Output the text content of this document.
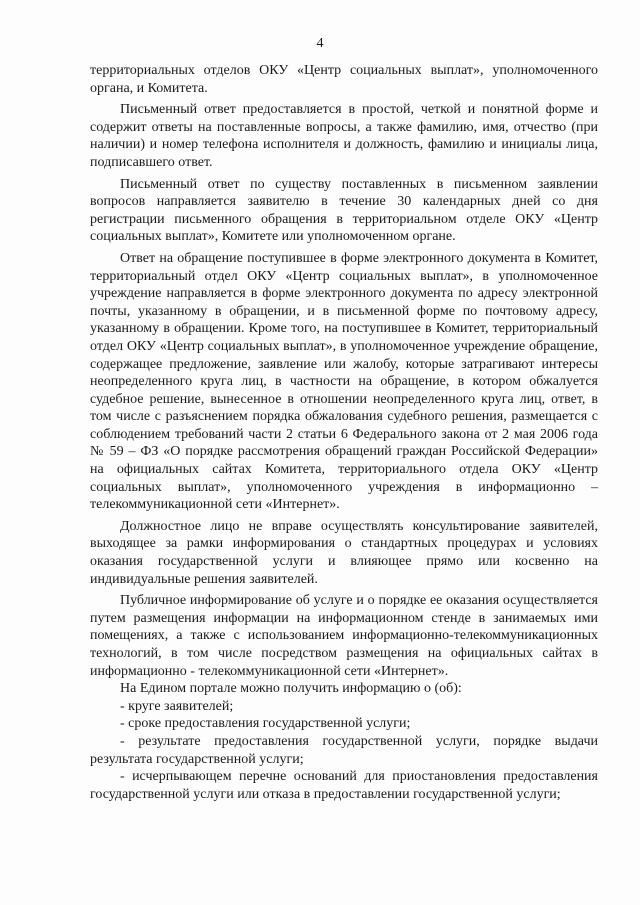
4

территориальных отделов ОКУ «Центр социальных выплат», уполномоченного органа, и Комитета.

Письменный ответ предоставляется в простой, четкой и понятной форме и содержит ответы на поставленные вопросы, а также фамилию, имя, отчество (при наличии) и номер телефона исполнителя и должность, фамилию и инициалы лица, подписавшего ответ.

Письменный ответ по существу поставленных в письменном заявлении вопросов направляется заявителю в течение 30 календарных дней со дня регистрации письменного обращения в территориальном отделе ОКУ «Центр социальных выплат», Комитете или уполномоченном органе.

Ответ на обращение поступившее в форме электронного документа в Комитет, территориальный отдел ОКУ «Центр социальных выплат», в уполномоченное учреждение направляется в форме электронного документа по адресу электронной почты, указанному в обращении, и в письменной форме по почтовому адресу, указанному в обращении. Кроме того, на поступившее в Комитет, территориальный отдел ОКУ «Центр социальных выплат», в уполномоченное учреждение обращение, содержащее предложение, заявление или жалобу, которые затрагивают интересы неопределенного круга лиц, в частности на обращение, в котором обжалуется судебное решение, вынесенное в отношении неопределенного круга лиц, ответ, в том числе с разъяснением порядка обжалования судебного решения, размещается с соблюдением требований части 2 статьи 6 Федерального закона от 2 мая 2006 года № 59 – ФЗ «О порядке рассмотрения обращений граждан Российской Федерации» на официальных сайтах Комитета, территориального отдела ОКУ «Центр социальных выплат», уполномоченного учреждения в информационно – телекоммуникационной сети «Интернет».

Должностное лицо не вправе осуществлять консультирование заявителей, выходящее за рамки информирования о стандартных процедурах и условиях оказания государственной услуги и влияющее прямо или косвенно на индивидуальные решения заявителей.

Публичное информирование об услуге и о порядке ее оказания осуществляется путем размещения информации на информационном стенде в занимаемых ими помещениях, а также с использованием информационно-телекоммуникационных технологий, в том числе посредством размещения на официальных сайтах в информационно - телекоммуникационной сети «Интернет».

На Едином портале можно получить информацию о (об):

- круге заявителей;
- сроке предоставления государственной услуги;
- результате предоставления государственной услуги, порядке выдачи результата государственной услуги;
- исчерпывающем перечне оснований для приостановления предоставления государственной услуги или отказа в предоставлении государственной услуги;
